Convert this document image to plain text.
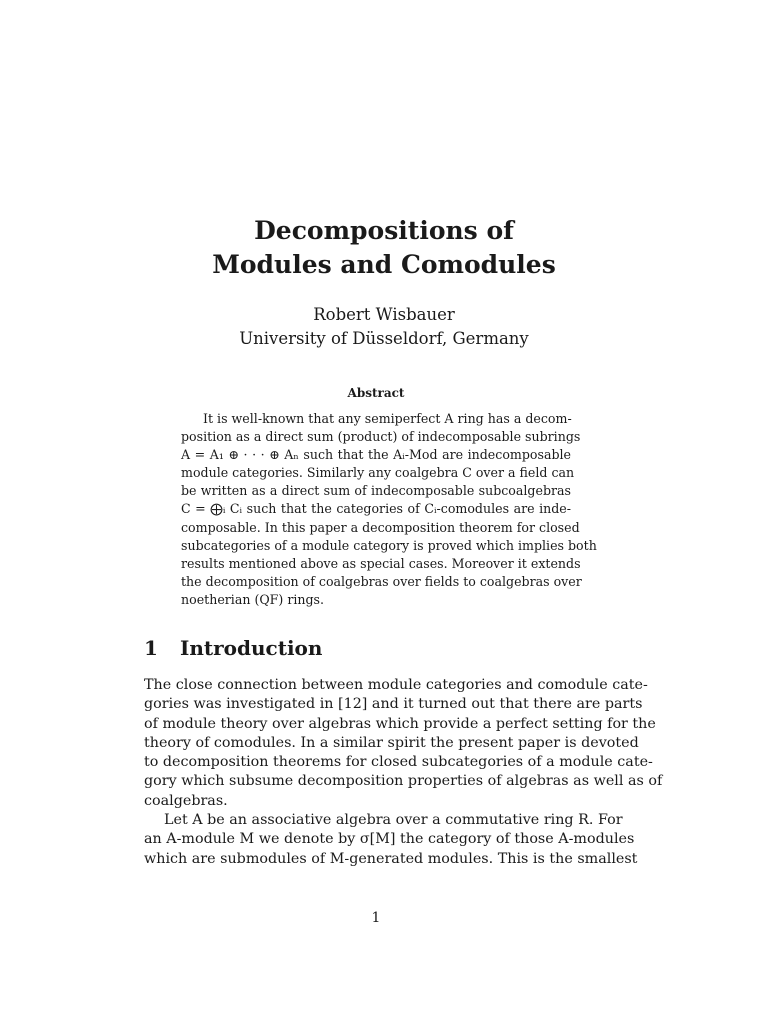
Decompositions of
Modules and Comodules
Robert Wisbauer
University of Düsseldorf, Germany
Abstract
It is well-known that any semiperfect A ring has a decom-
position as a direct sum (product) of indecomposable subrings
A = A₁ ⊕ · · · ⊕ Aₙ such that the Aᵢ-Mod are indecomposable
module categories. Similarly any coalgebra C over a field can
be written as a direct sum of indecomposable subcoalgebras
C = ⨁ᵢ Cᵢ such that the categories of Cᵢ-comodules are inde-
composable. In this paper a decomposition theorem for closed
subcategories of a module category is proved which implies both
results mentioned above as special cases. Moreover it extends
the decomposition of coalgebras over fields to coalgebras over
noetherian (QF) rings.
1 Introduction
The close connection between module categories and comodule cate-
gories was investigated in [12] and it turned out that there are parts
of module theory over algebras which provide a perfect setting for the
theory of comodules. In a similar spirit the present paper is devoted
to decomposition theorems for closed subcategories of a module cate-
gory which subsume decomposition properties of algebras as well as of
coalgebras.
Let A be an associative algebra over a commutative ring R. For
an A-module M we denote by σ[M] the category of those A-modules
which are submodules of M-generated modules. This is the smallest
1
